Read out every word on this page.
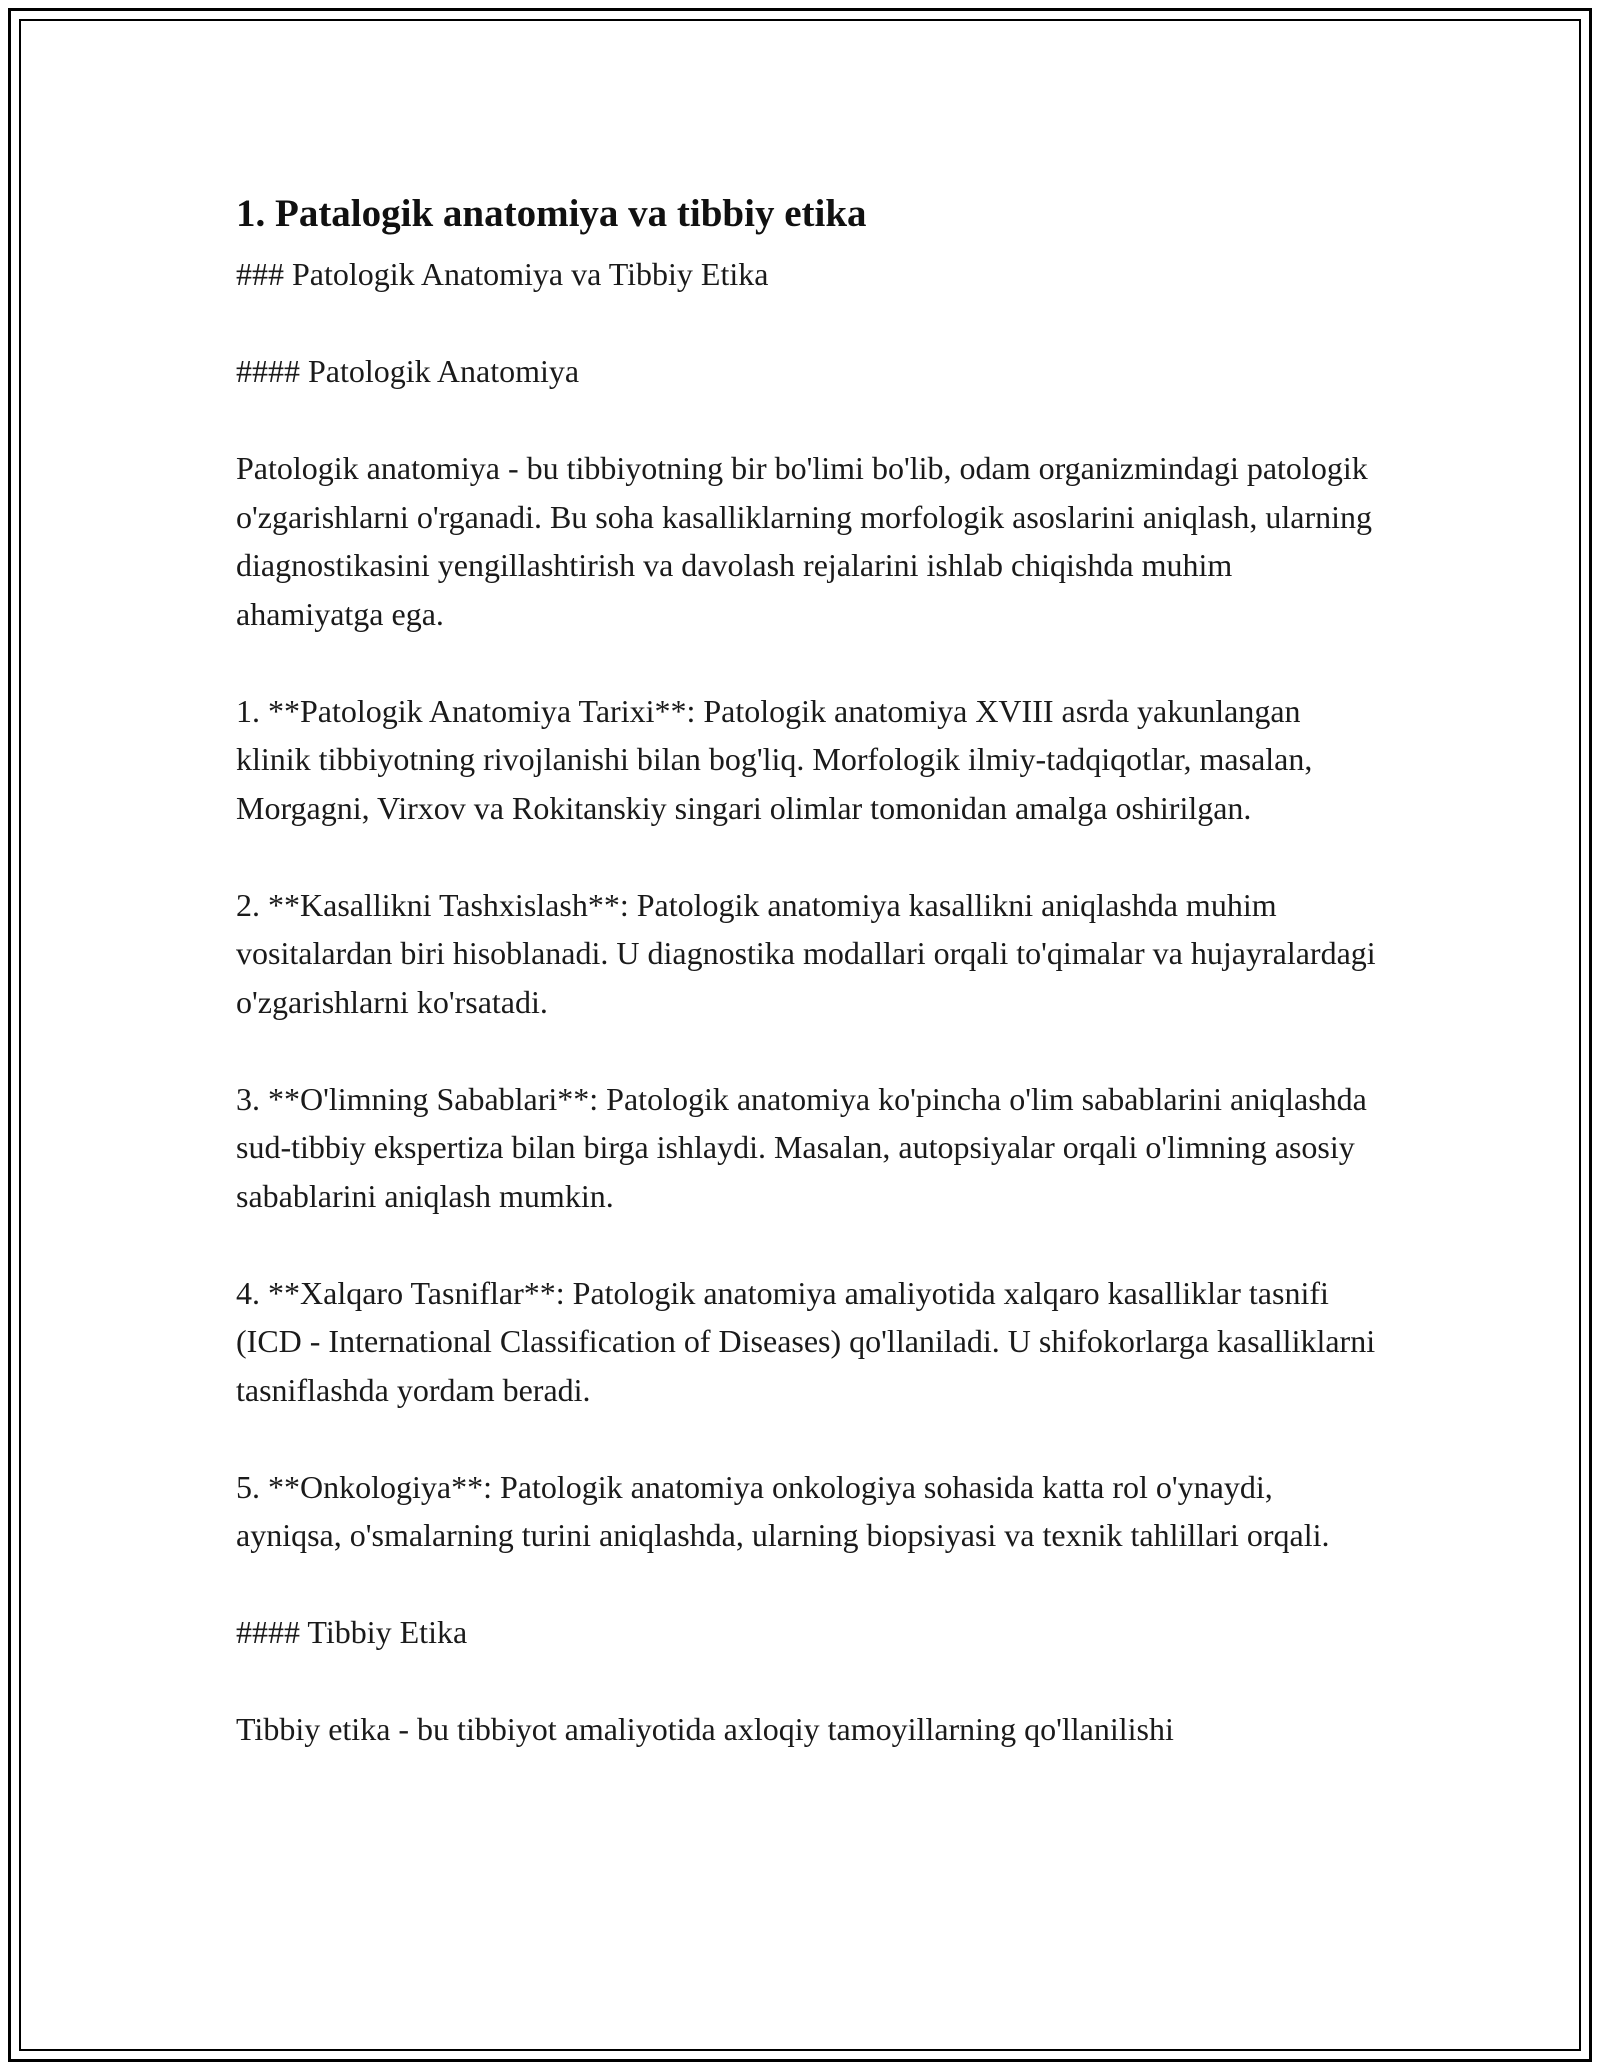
1. Patalogik anatomiya va tibbiy etika

### Patologik Anatomiya va Tibbiy Etika

#### Patologik Anatomiya

Patologik anatomiya - bu tibbiyotning bir bo'limi bo'lib, odam organizmindagi patologik o'zgarishlarni o'rganadi. Bu soha kasalliklarning morfologik asoslarini aniqlash, ularning diagnostikasini yengillashtirish va davolash rejalarini ishlab chiqishda muhim ahamiyatga ega.

1. **Patologik Anatomiya Tarixi**: Patologik anatomiya XVIII asrda yakunlangan klinik tibbiyotning rivojlanishi bilan bog'liq. Morfologik ilmiy-tadqiqotlar, masalan, Morgagni, Virxov va Rokitanskiy singari olimlar tomonidan amalga oshirilgan.

2. **Kasallikni Tashxislash**: Patologik anatomiya kasallikni aniqlashda muhim vositalardan biri hisoblanadi. U diagnostika modallari orqali to'qimalar va hujayralardagi o'zgarishlarni ko'rsatadi.

3. **O'limning Sabablari**: Patologik anatomiya ko'pincha o'lim sabablarini aniqlashda sud-tibbiy ekspertiza bilan birga ishlaydi. Masalan, autopsiyalar orqali o'limning asosiy sabablarini aniqlash mumkin.

4. **Xalqaro Tasniflar**: Patologik anatomiya amaliyotida xalqaro kasalliklar tasnifi (ICD - International Classification of Diseases) qo'llaniladi. U shifokorlarga kasalliklarni tasniflashda yordam beradi.

5. **Onkologiya**: Patologik anatomiya onkologiya sohasida katta rol o'ynaydi, ayniqsa, o'smalarning turini aniqlashda, ularning biopsiyasi va texnik tahlillari orqali.

#### Tibbiy Etika

Tibbiy etika - bu tibbiyot amaliyotida axloqiy tamoyillarning qo'llanilishi
